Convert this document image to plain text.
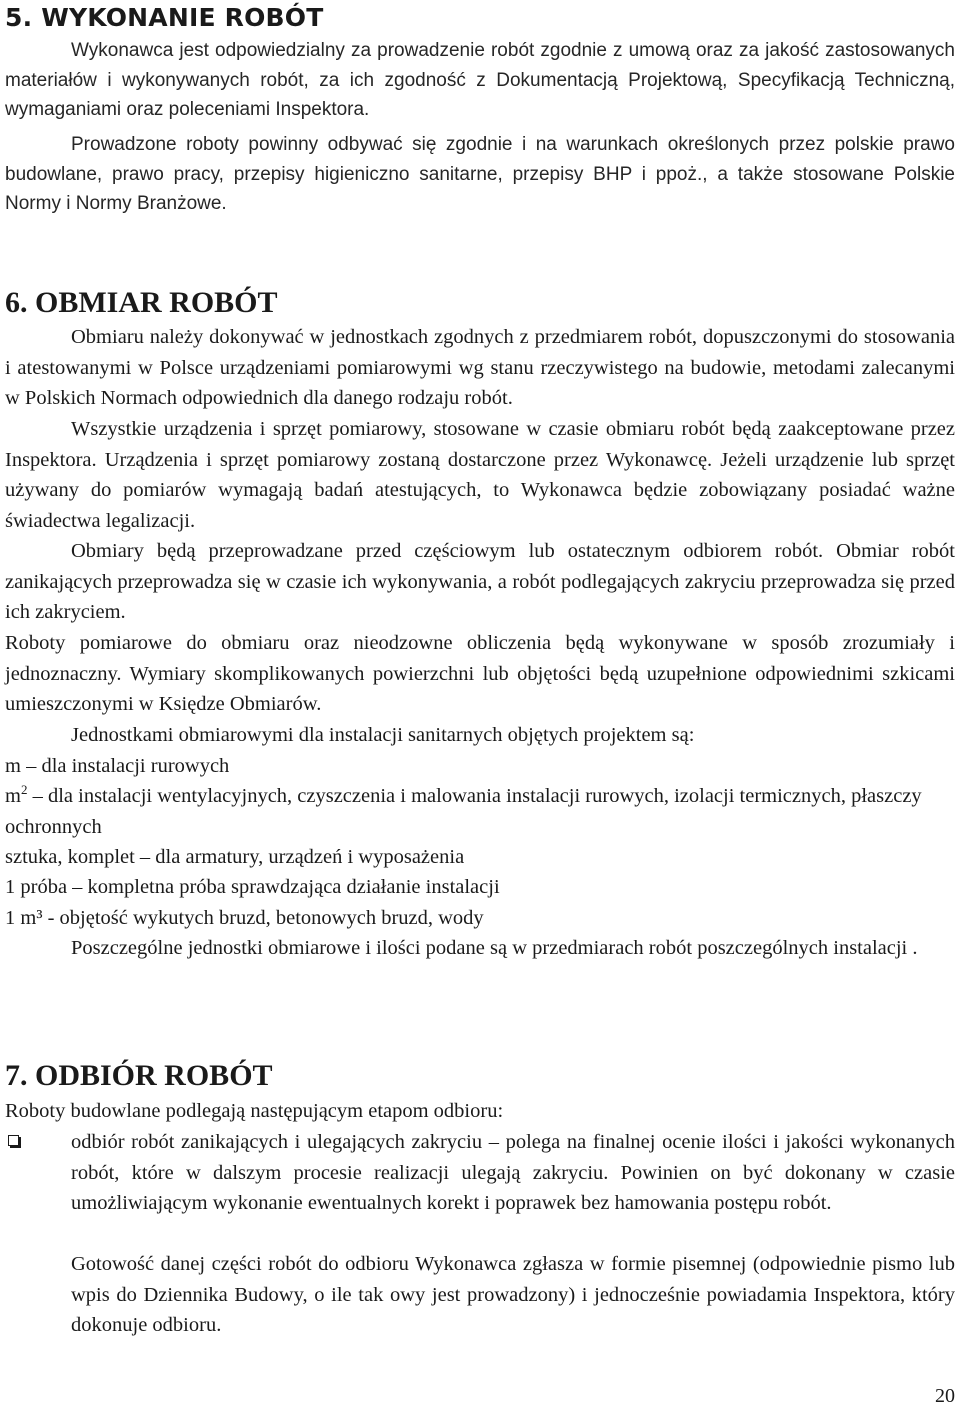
5. WYKONANIE ROBÓT

Wykonawca jest odpowiedzialny za prowadzenie robót zgodnie z umową oraz za jakość zastosowanych materiałów i wykonywanych robót, za ich zgodność z Dokumentacją Projektową, Specyfikacją Techniczną, wymaganiami oraz poleceniami Inspektora.

Prowadzone roboty powinny odbywać się zgodnie i na warunkach określonych przez polskie prawo budowlane, prawo pracy, przepisy higieniczno sanitarne, przepisy BHP i ppoż., a także stosowane Polskie Normy i Normy Branżowe.

6. OBMIAR ROBÓT

Obmiaru należy dokonywać w jednostkach zgodnych z przedmiarem robót, dopuszczonymi do stosowania i atestowanymi w Polsce urządzeniami pomiarowymi wg stanu rzeczywistego na budowie, metodami zalecanymi w Polskich Normach odpowiednich dla danego rodzaju robót.

Wszystkie urządzenia i sprzęt pomiarowy, stosowane w czasie obmiaru robót będą zaakceptowane przez Inspektora. Urządzenia i sprzęt pomiarowy zostaną dostarczone przez Wykonawcę. Jeżeli urządzenie lub sprzęt używany do pomiarów wymagają badań atestujących, to Wykonawca będzie zobowiązany posiadać ważne świadectwa legalizacji.

Obmiary będą przeprowadzane przed częściowym lub ostatecznym odbiorem robót. Obmiar robót zanikających przeprowadza się w czasie ich wykonywania, a robót podlegających zakryciu przeprowadza się przed ich zakryciem.

Roboty pomiarowe do obmiaru oraz nieodzowne obliczenia będą wykonywane w sposób zrozumiały i jednoznaczny. Wymiary skomplikowanych powierzchni lub objętości będą uzupełnione odpowiednimi szkicami umieszczonymi w Księdze Obmiarów.

Jednostkami obmiarowymi dla instalacji sanitarnych objętych projektem są:

m – dla instalacji rurowych

$m^2$ – dla instalacji wentylacyjnych, czyszczenia i malowania instalacji rurowych, izolacji termicznych, płaszczy ochronnych

sztuka, komplet – dla armatury, urządzeń i wyposażenia

1 próba – kompletna próba sprawdzająca działanie instalacji

1 m³ - objętość wykutych bruzd, betonowych bruzd, wody

Poszczególne jednostki obmiarowe i ilości podane są w przedmiarach robót poszczególnych instalacji .

7. ODBIÓR ROBÓT

Roboty budowlane podlegają następującym etapom odbioru:

odbiór robót zanikających i ulegających zakryciu – polega na finalnej ocenie ilości i jakości wykonanych robót, które w dalszym procesie realizacji ulegają zakryciu. Powinien on być dokonany w czasie umożliwiającym wykonanie ewentualnych korekt i poprawek bez hamowania postępu robót.

Gotowość danej części robót do odbioru Wykonawca zgłasza w formie pisemnej (odpowiednie pismo lub wpis do Dziennika Budowy, o ile tak owy jest prowadzony) i jednocześnie powiadamia Inspektora, który dokonuje odbioru.

20
